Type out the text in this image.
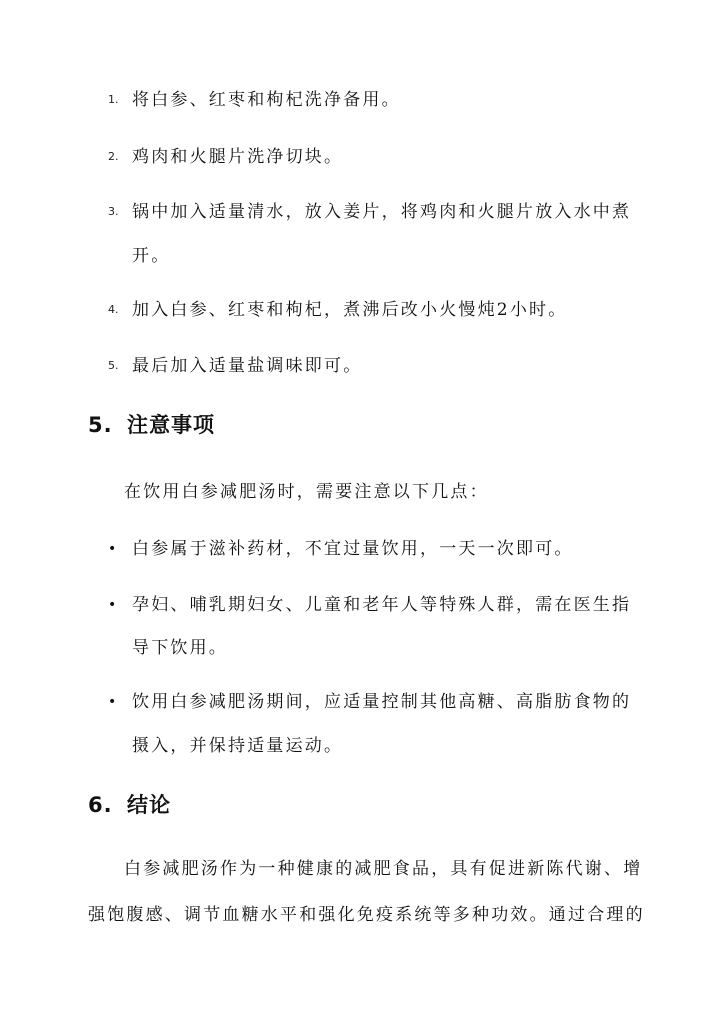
1. 将白参、红枣和枸杞洗净备用。
2. 鸡肉和火腿片洗净切块。
3. 锅中加入适量清水，放入姜片，将鸡肉和火腿片放入水中煮
开。
4. 加入白参、红枣和枸杞，煮沸后改小火慢炖2小时。
5. 最后加入适量盐调味即可。
5. 注意事项
在饮用白参减肥汤时，需要注意以下几点：
• 白参属于滋补药材，不宜过量饮用，一天一次即可。
• 孕妇、哺乳期妇女、儿童和老年人等特殊人群，需在医生指
导下饮用。
• 饮用白参减肥汤期间，应适量控制其他高糖、高脂肪食物的
摄入，并保持适量运动。
6. 结论
白参减肥汤作为一种健康的减肥食品，具有促进新陈代谢、增
强饱腹感、调节血糖水平和强化免疫系统等多种功效。通过合理的
